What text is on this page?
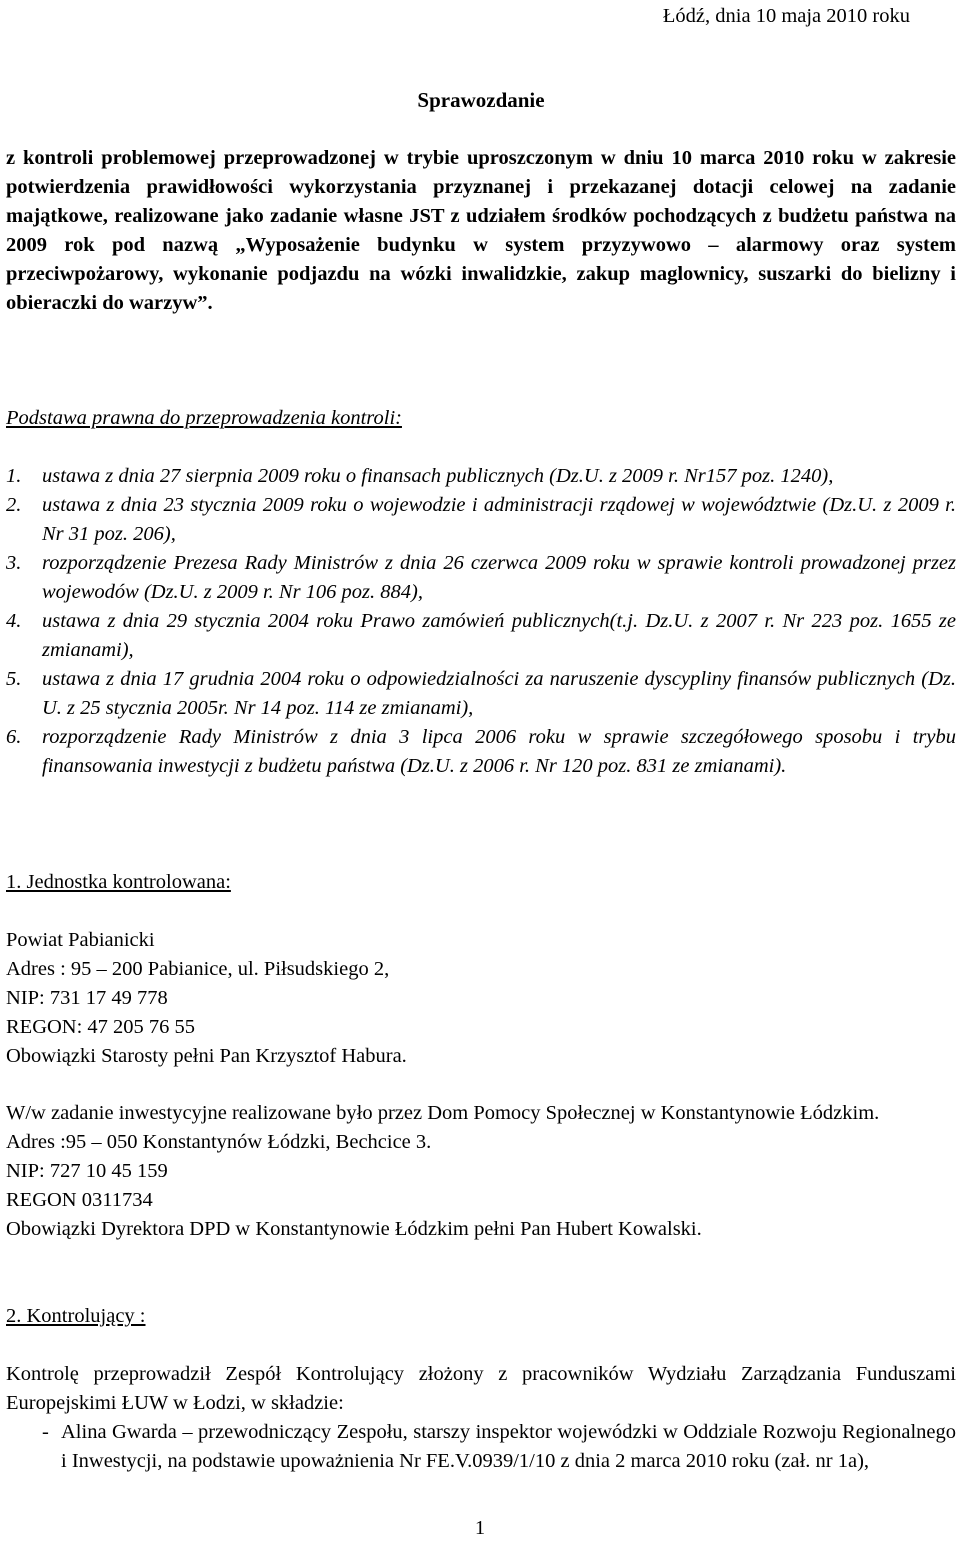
Łódź, dnia 10 maja 2010 roku
Sprawozdanie
z kontroli problemowej przeprowadzonej w trybie uproszczonym w dniu 10 marca 2010 roku w zakresie potwierdzenia prawidłowości wykorzystania przyznanej i przekazanej dotacji celowej na zadanie majątkowe, realizowane jako zadanie własne JST z udziałem środków pochodzących z budżetu państwa na 2009 rok pod nazwą „Wyposażenie budynku w system przyzywowo – alarmowy oraz system przeciwpożarowy, wykonanie podjazdu na wózki inwalidzkie, zakup maglownicy, suszarki do bielizny i obieraczki do warzyw”.
Podstawa prawna do przeprowadzenia kontroli:
1. ustawa z dnia 27 sierpnia 2009 roku o finansach publicznych (Dz.U. z 2009 r. Nr157 poz. 1240),
2. ustawa z dnia 23 stycznia 2009 roku o wojewodzie i administracji rządowej w województwie (Dz.U. z 2009 r. Nr 31 poz. 206),
3. rozporządzenie Prezesa Rady Ministrów z dnia 26 czerwca 2009 roku w sprawie kontroli prowadzonej przez wojewodów (Dz.U. z 2009 r. Nr 106 poz. 884),
4. ustawa z dnia 29 stycznia 2004 roku Prawo zamówień publicznych(t.j. Dz.U. z 2007 r. Nr 223 poz. 1655 ze zmianami),
5. ustawa z dnia 17 grudnia 2004 roku o odpowiedzialności za naruszenie dyscypliny finansów publicznych (Dz. U. z 25 stycznia 2005r. Nr 14 poz. 114 ze zmianami),
6. rozporządzenie Rady Ministrów z dnia 3 lipca 2006 roku w sprawie szczegółowego sposobu i trybu finansowania inwestycji z budżetu państwa (Dz.U. z 2006 r. Nr 120 poz. 831 ze zmianami).
1. Jednostka kontrolowana:

Powiat Pabianicki

Adres : 95 – 200 Pabianice, ul. Piłsudskiego 2,

NIP: 731 17 49 778

REGON: 47 205 76 55

Obowiązki Starosty pełni Pan Krzysztof Habura.

W/w zadanie inwestycyjne realizowane było przez Dom Pomocy Społecznej w Konstantynowie Łódzkim.

Adres :95 – 050 Konstantynów Łódzki, Bechcice 3.

NIP: 727 10 45 159

REGON 0311734

Obowiązki Dyrektora DPD w Konstantynowie Łódzkim pełni Pan Hubert Kowalski.

2. Kontrolujący :

Kontrolę przeprowadził Zespół Kontrolujący złożony z pracowników Wydziału Zarządzania Funduszami Europejskimi ŁUW w Łodzi, w składzie:

- Alina Gwarda – przewodniczący Zespołu, starszy inspektor wojewódzki w Oddziale Rozwoju Regionalnego i Inwestycji, na podstawie upoważnienia Nr FE.V.0939/1/10 z dnia 2 marca 2010 roku (zał. nr 1a),
1
